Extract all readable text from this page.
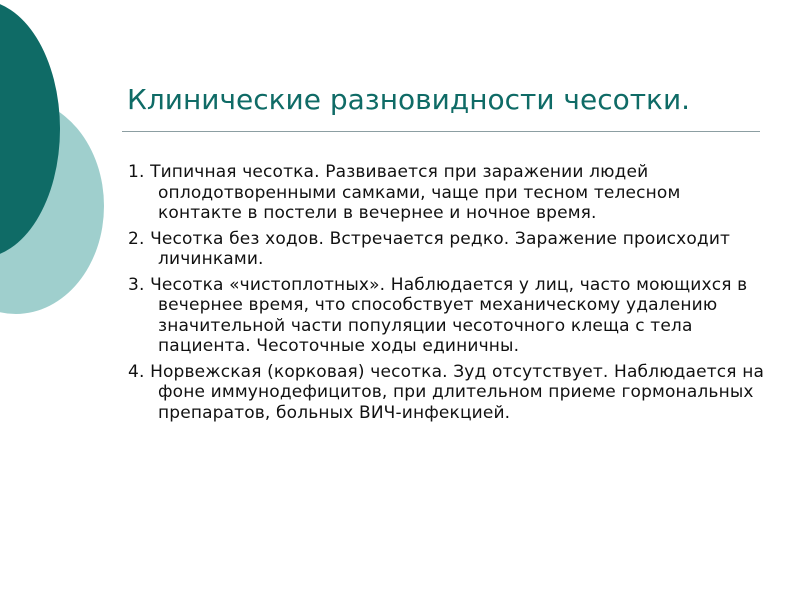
Клинические разновидности чесотки.

1. Типичная чесотка. Развивается при заражении людей оплодотворенными самками, чаще при тесном телесном контакте в постели в вечернее и ночное время.

2. Чесотка без ходов. Встречается редко. Заражение происходит личинками.

3. Чесотка «чистоплотных». Наблюдается у лиц, часто моющихся в вечернее время, что способствует механическому удалению значительной части популяции чесоточного клеща с тела пациента. Чесоточные ходы единичны.

4. Норвежская (корковая) чесотка. Зуд отсутствует. Наблюдается на фоне иммунодефицитов, при длительном приеме гормональных препаратов, больных ВИЧ-инфекцией.
